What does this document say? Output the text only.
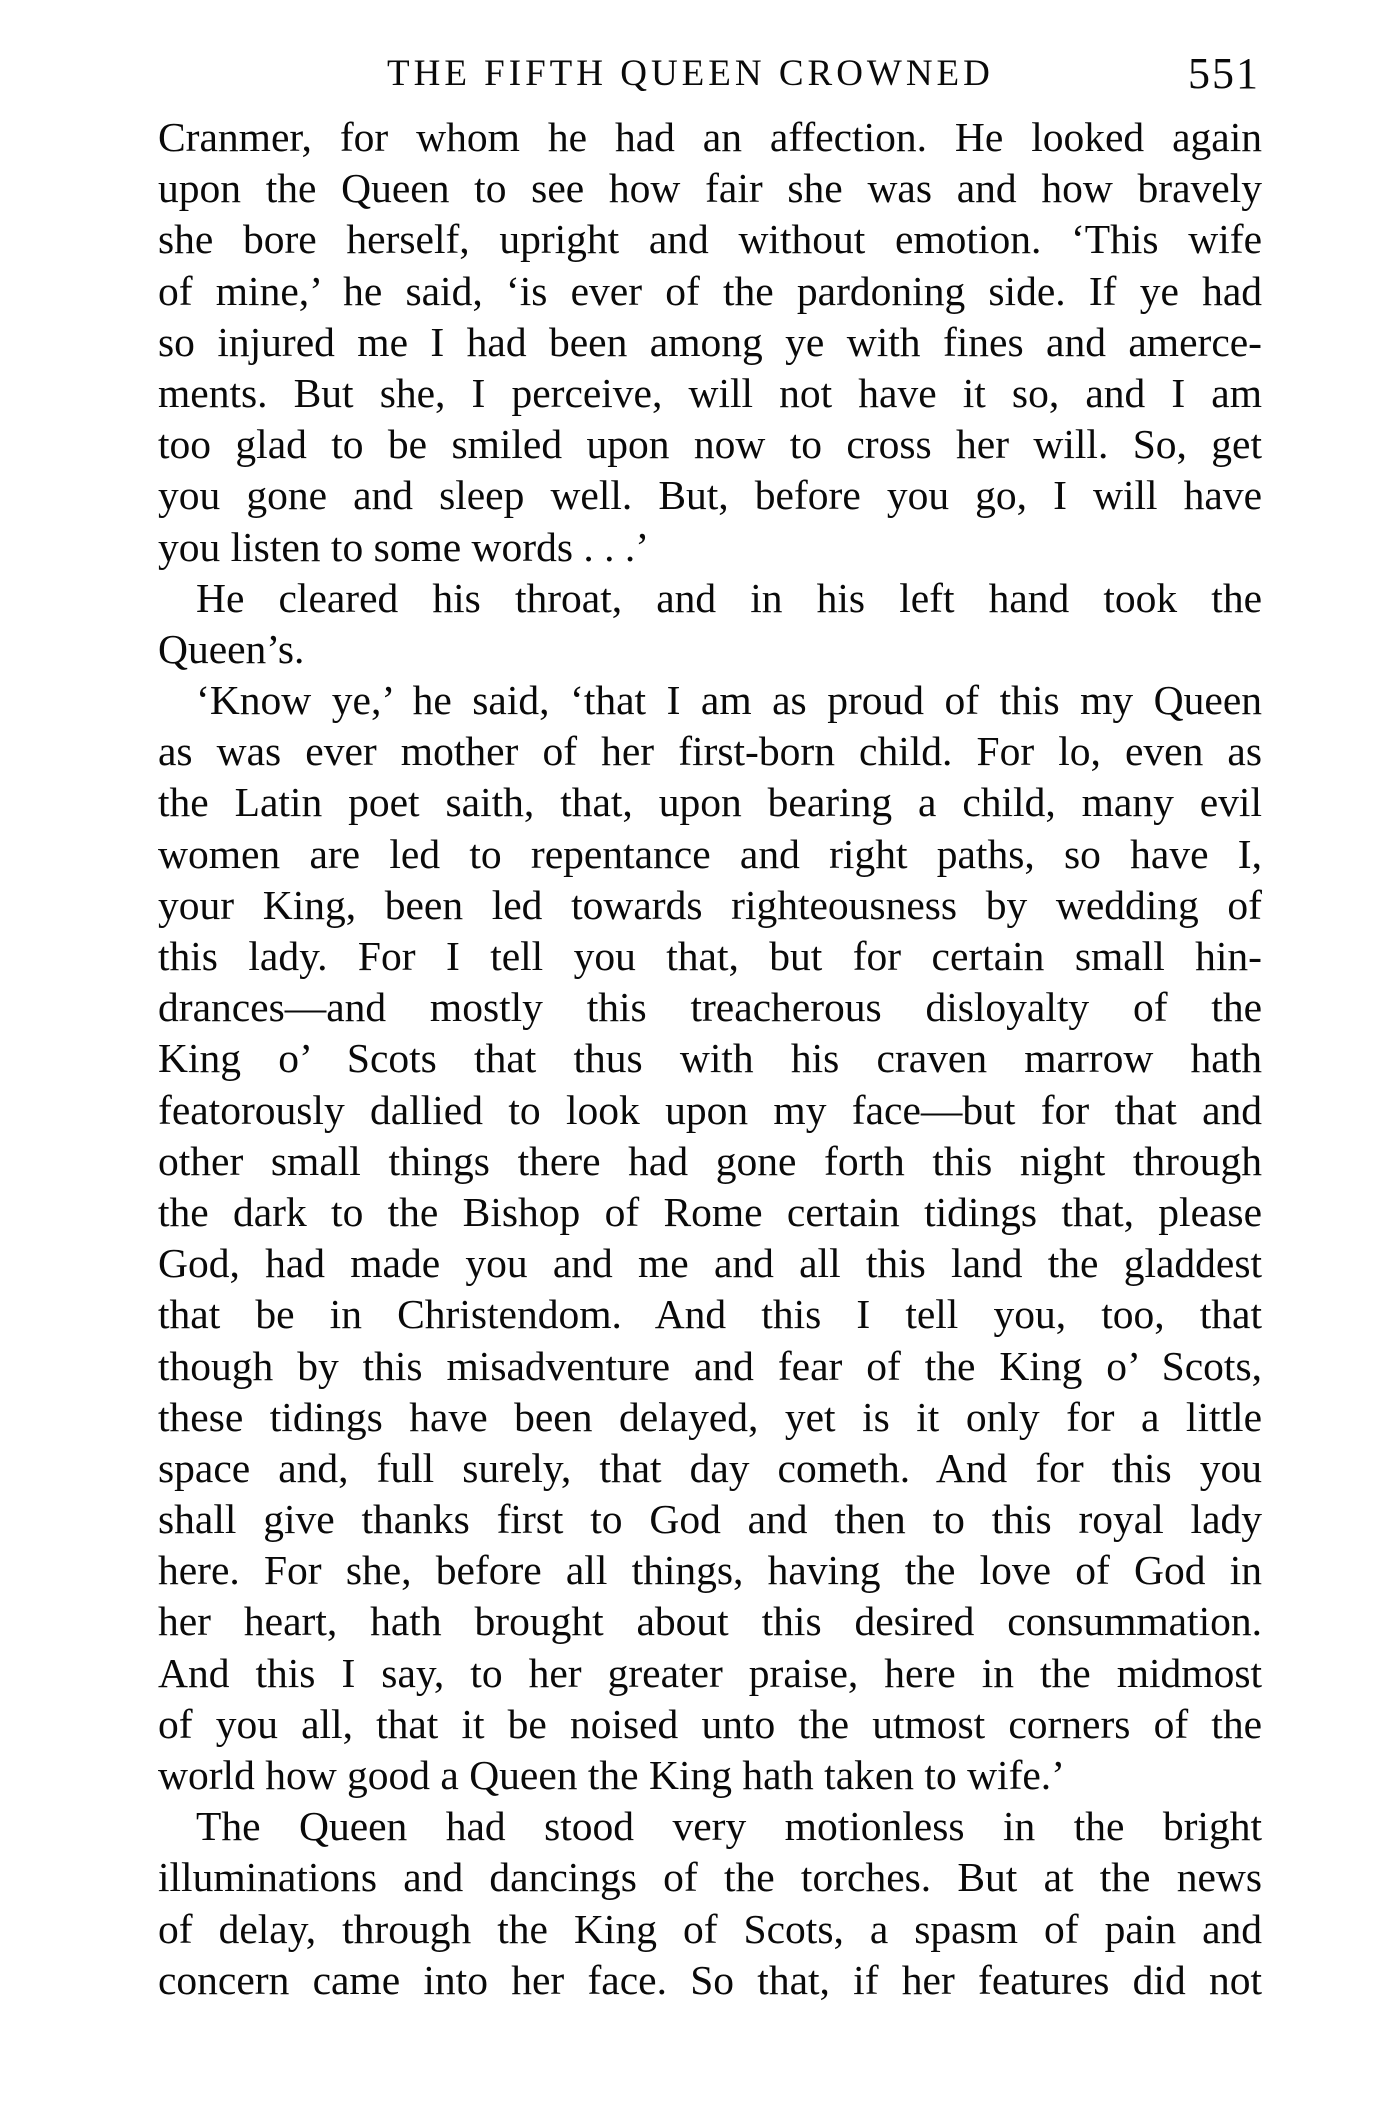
THE FIFTH QUEEN CROWNED	551
Cranmer, for whom he had an affection. He looked again
upon the Queen to see how fair she was and how bravely
she bore herself, upright and without emotion. ‘This wife
of mine,’ he said, ‘is ever of the pardoning side. If ye had
so injured me I had been among ye with fines and amerce-
ments. But she, I perceive, will not have it so, and I am
too glad to be smiled upon now to cross her will. So, get
you gone and sleep well. But, before you go, I will have
you listen to some words . . .’
He cleared his throat, and in his left hand took the
Queen’s.
‘Know ye,’ he said, ‘that I am as proud of this my Queen
as was ever mother of her first-born child. For lo, even as
the Latin poet saith, that, upon bearing a child, many evil
women are led to repentance and right paths, so have I,
your King, been led towards righteousness by wedding of
this lady. For I tell you that, but for certain small hin-
drances—and mostly this treacherous disloyalty of the
King o’ Scots that thus with his craven marrow hath
featorously dallied to look upon my face—but for that and
other small things there had gone forth this night through
the dark to the Bishop of Rome certain tidings that, please
God, had made you and me and all this land the gladdest
that be in Christendom. And this I tell you, too, that
though by this misadventure and fear of the King o’ Scots,
these tidings have been delayed, yet is it only for a little
space and, full surely, that day cometh. And for this you
shall give thanks first to God and then to this royal lady
here. For she, before all things, having the love of God in
her heart, hath brought about this desired consummation.
And this I say, to her greater praise, here in the midmost
of you all, that it be noised unto the utmost corners of the
world how good a Queen the King hath taken to wife.’
The Queen had stood very motionless in the bright
illuminations and dancings of the torches. But at the news
of delay, through the King of Scots, a spasm of pain and
concern came into her face. So that, if her features did not
